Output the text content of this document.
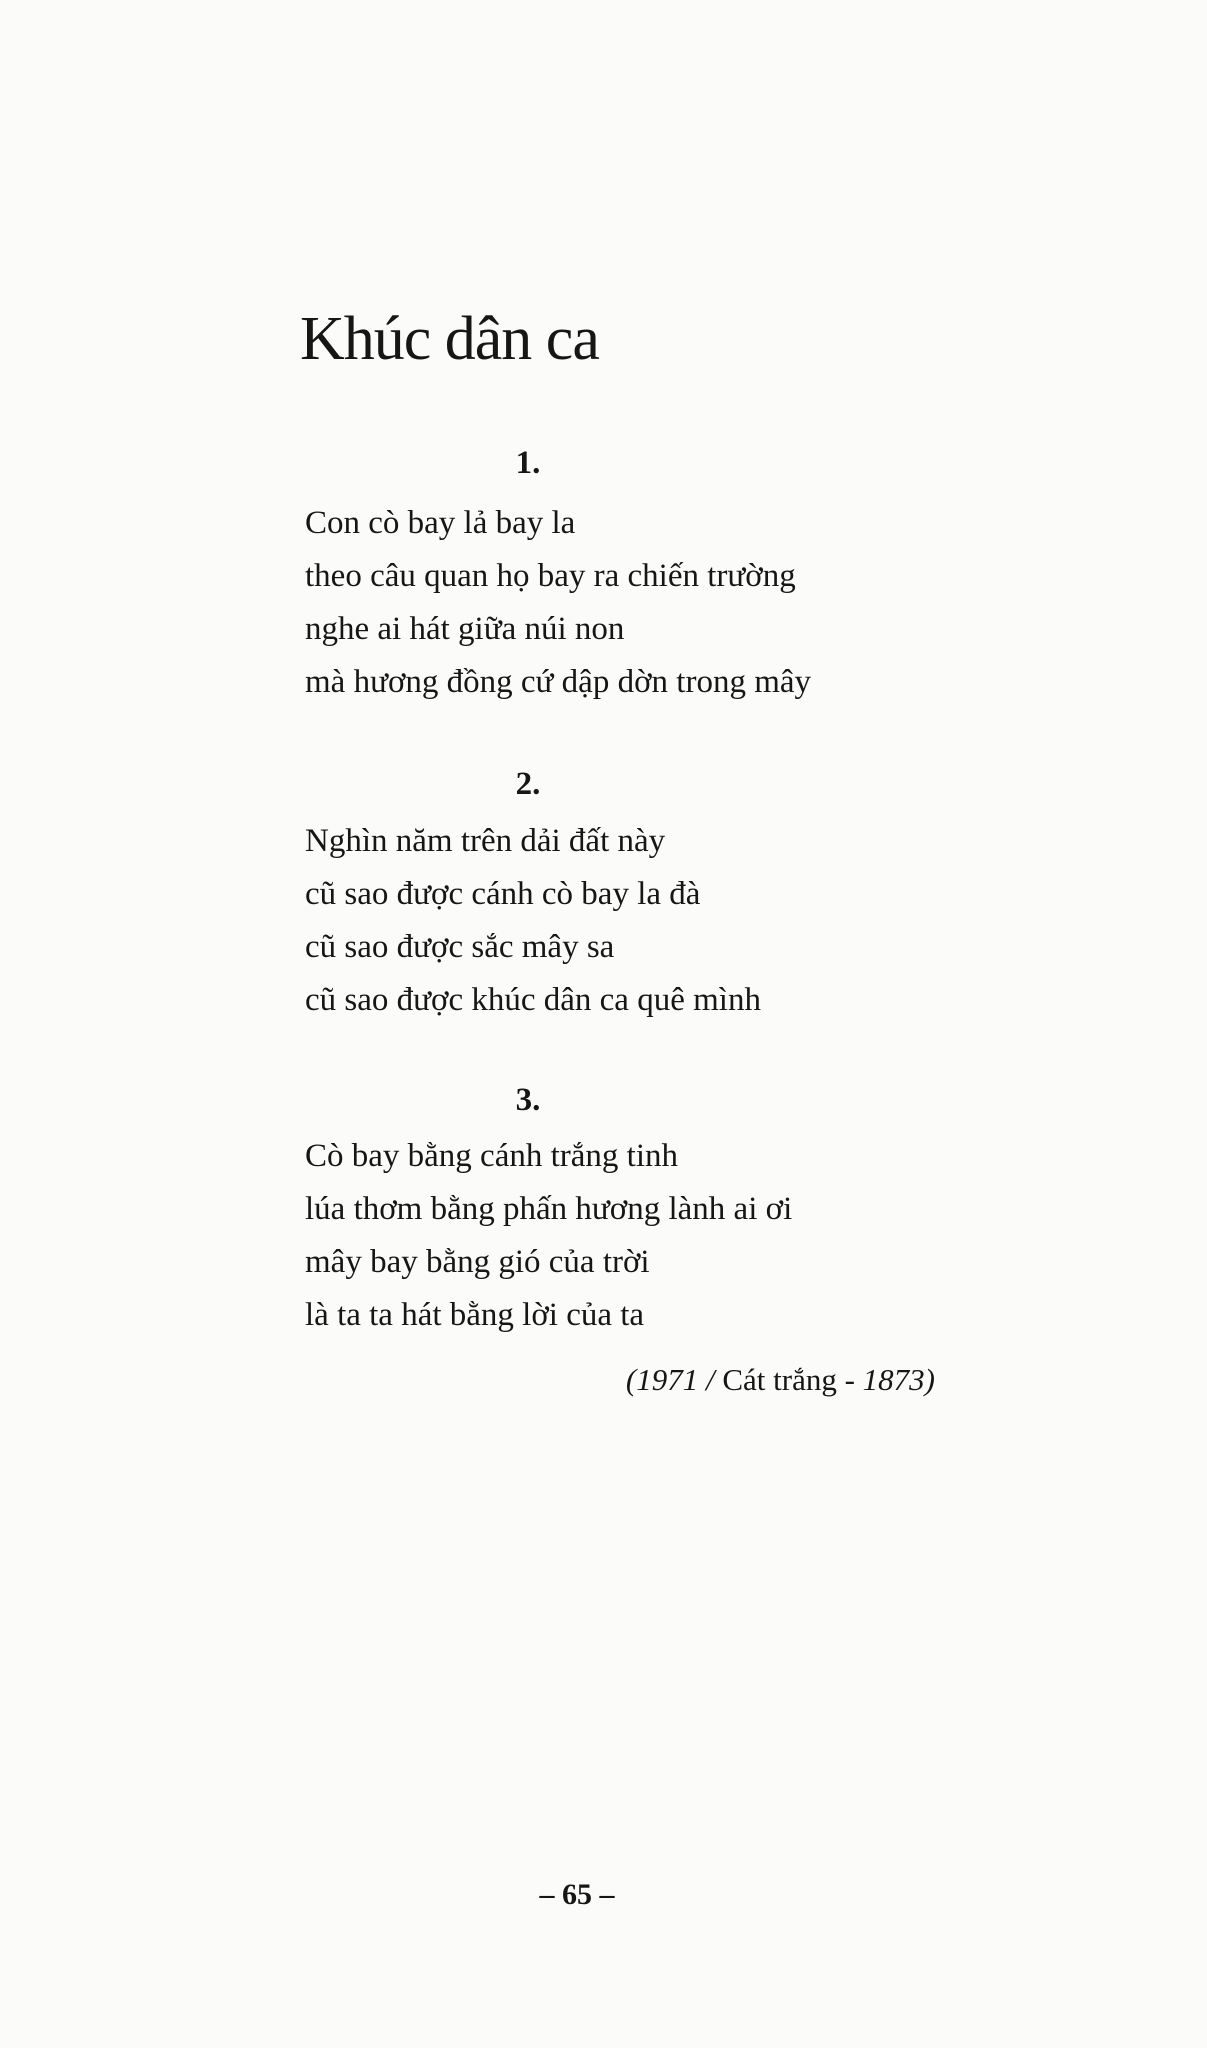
Khúc dân ca
1.
Con cò bay lả bay la
theo câu quan họ bay ra chiến trường
nghe ai hát giữa núi non
mà hương đồng cứ dập dờn trong mây
2.
Nghìn năm trên dải đất này
cũ sao được cánh cò bay la đà
cũ sao được sắc mây sa
cũ sao được khúc dân ca quê mình
3.
Cò bay bằng cánh trắng tinh
lúa thơm bằng phấn hương lành ai ơi
mây bay bằng gió của trời
là ta ta hát bằng lời của ta
(1971 / Cát trắng - 1873)
– 65 –
